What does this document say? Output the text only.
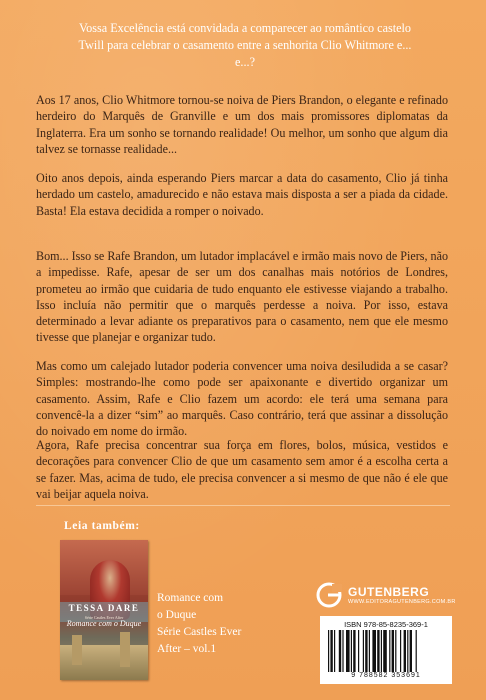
Vossa Excelência está convidada a comparecer ao romântico castelo Twill para celebrar o casamento entre a senhorita Clio Whitmore e... e...?

Aos 17 anos, Clio Whitmore tornou-se noiva de Piers Brandon, o elegante e refinado herdeiro do Marquês de Granville e um dos mais promissores diplomatas da Inglaterra. Era um sonho se tornando realidade! Ou melhor, um sonho que algum dia talvez se tornasse realidade...

Oito anos depois, ainda esperando Piers marcar a data do casamento, Clio já tinha herdado um castelo, amadurecido e não estava mais disposta a ser a piada da cidade. Basta! Ela estava decidida a romper o noivado.

Bom... Isso se Rafe Brandon, um lutador implacável e irmão mais novo de Piers, não a impedisse. Rafe, apesar de ser um dos canalhas mais notórios de Londres, prometeu ao irmão que cuidaria de tudo enquanto ele estivesse viajando a trabalho. Isso incluía não permitir que o marquês perdesse a noiva. Por isso, estava determinado a levar adiante os preparativos para o casamento, nem que ele mesmo tivesse que planejar e organizar tudo.

Mas como um calejado lutador poderia convencer uma noiva desiludida a se casar? Simples: mostrando-lhe como pode ser apaixonante e divertido organizar um casamento. Assim, Rafe e Clio fazem um acordo: ele terá uma semana para convencê-la a dizer “sim” ao marquês. Caso contrário, terá que assinar a dissolução do noivado em nome do irmão.

Agora, Rafe precisa concentrar sua força em flores, bolos, música, vestidos e decorações para convencer Clio de que um casamento sem amor é a escolha certa a se fazer. Mas, acima de tudo, ele precisa convencer a si mesmo de que não é ele que vai beijar aquela noiva.

Leia também:
TESSA DARE
Série Castles Ever After
Romance com o Duque
Romance com
o Duque
Série Castles Ever
After – vol.1
GUTENBERG
WWW.EDITORAGUTENBERG.COM.BR
ISBN 978-85-8235-369-1
9 788582 353691
